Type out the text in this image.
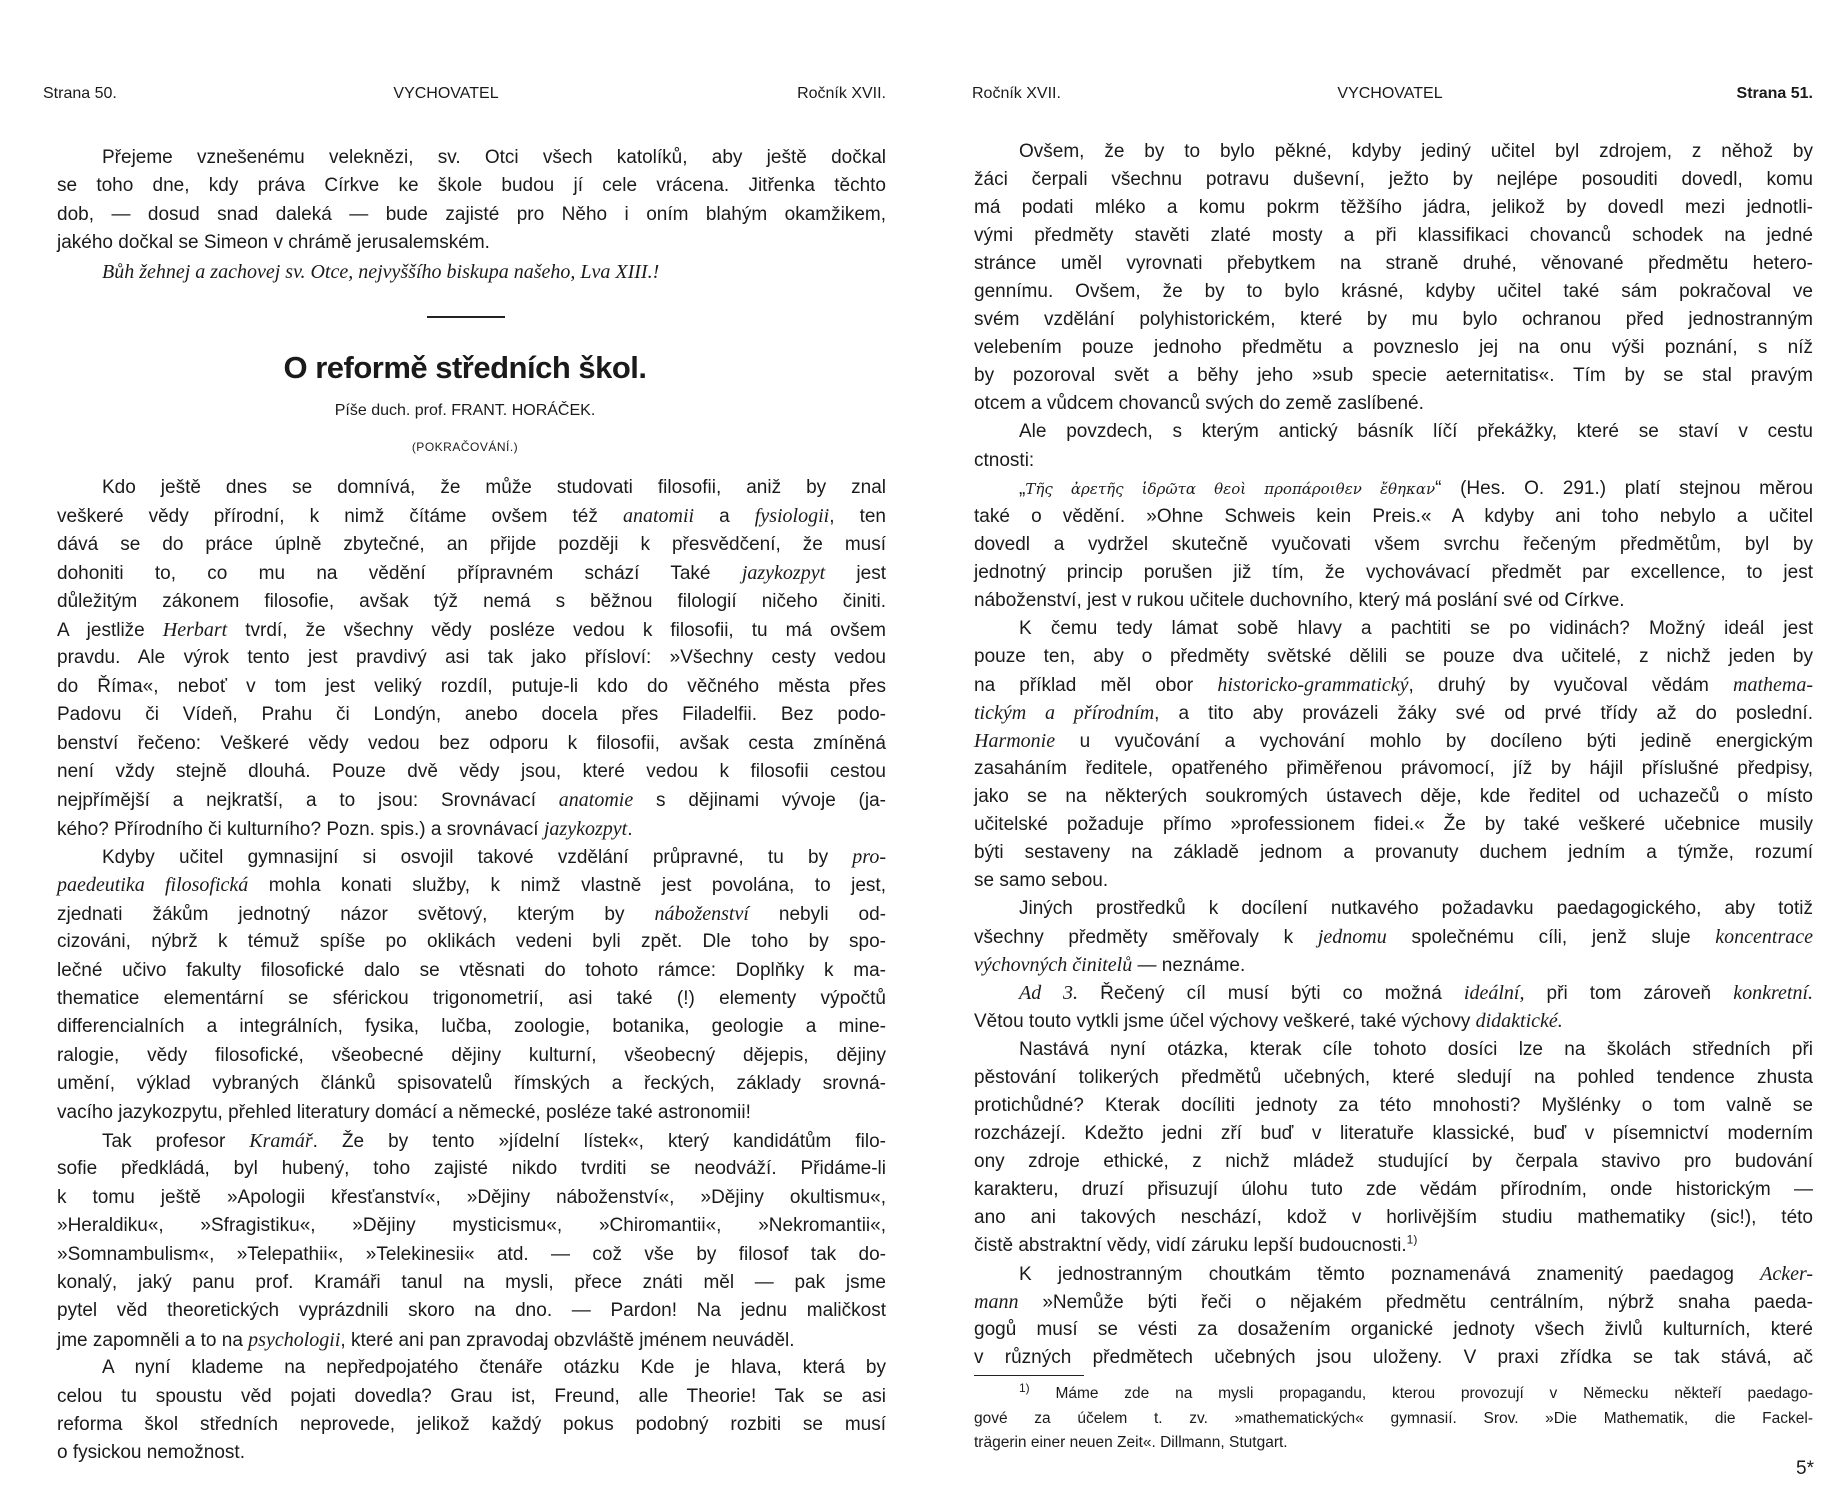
Strana 50.	VYCHOVATEL	Ročník XVII.
Přejeme vznešenému veleknězi, sv. Otci všech katolíků, aby ještě dočkal
se toho dne, kdy práva Církve ke škole budou jí cele vrácena. Jitřenka těchto
dob, — dosud snad daleká — bude zajisté pro Něho i oním blahým okamžikem,
jakého dočkal se Simeon v chrámě jerusalemském.
Bůh žehnej a zachovej sv. Otce, nejvyššího biskupa našeho, Lva XIII.!
O reformě středních škol.
Píše duch. prof. FRANT. HORÁČEK.
(POKRAČOVÁNÍ.)
Kdo ještě dnes se domnívá, že může studovati filosofii, aniž by znal
veškeré vědy přírodní, k nimž čítáme ovšem též anatomii a fysiologii, ten
dává se do práce úplně zbytečné, an přijde později k přesvědčení, že musí
dohoniti to, co mu na vědění přípravném schází Také jazykozpyt jest
důležitým zákonem filosofie, avšak týž nemá s běžnou filologií ničeho činiti.
A jestliže Herbart tvrdí, že všechny vědy posléze vedou k filosofii, tu má ovšem
pravdu. Ale výrok tento jest pravdivý asi tak jako přísloví: »Všechny cesty vedou
do Říma«, neboť v tom jest veliký rozdíl, putuje-li kdo do věčného města přes
Padovu či Vídeň, Prahu či Londýn, anebo docela přes Filadelfii. Bez podo-
benství řečeno: Veškeré vědy vedou bez odporu k filosofii, avšak cesta zmíněná
není vždy stejně dlouhá. Pouze dvě vědy jsou, které vedou k filosofii cestou
nejpřímější a nejkratší, a to jsou: Srovnávací anatomie s dějinami vývoje (ja-
kého? Přírodního či kulturního? Pozn. spis.) a srovnávací jazykozpyt.
Kdyby učitel gymnasijní si osvojil takové vzdělání průpravné, tu by pro-
paedeutika filosofická mohla konati služby, k nimž vlastně jest povolána, to jest,
zjednati žákům jednotný názor světový, kterým by náboženství nebyli od-
cizováni, nýbrž k témuž spíše po oklikách vedeni byli zpět. Dle toho by spo-
lečné učivo fakulty filosofické dalo se vtěsnati do tohoto rámce: Doplňky k ma-
thematice elementární se sférickou trigonometrií, asi také (!) elementy výpočtů
differencialních a integrálních, fysika, lučba, zoologie, botanika, geologie a mine-
ralogie, vědy filosofické, všeobecné dějiny kulturní, všeobecný dějepis, dějiny
umění, výklad vybraných článků spisovatelů římských a řeckých, základy srovná-
vacího jazykozpytu, přehled literatury domácí a německé, posléze také astronomii!
Tak profesor Kramář. Že by tento »jídelní lístek«, který kandidátům filo-
sofie předkládá, byl hubený, toho zajisté nikdo tvrditi se neodváží. Přidáme-li
k tomu ještě »Apologii křesťanství«, »Dějiny náboženství«, »Dějiny okultismu«,
»Heraldiku«, »Sfragistiku«, »Dějiny mysticismu«, »Chiromantii«, »Nekromantii«,
»Somnambulism«, »Telepathii«, »Telekinesii« atd. — což vše by filosof tak do-
konalý, jaký panu prof. Kramáři tanul na mysli, přece znáti měl — pak jsme
pytel věd theoretických vyprázdnili skoro na dno. — Pardon! Na jednu maličkost
jme zapomněli a to na psychologii, které ani pan zpravodaj obzvláště jménem neuváděl.
A nyní klademe na nepředpojatého čtenáře otázku Kde je hlava, která by
celou tu spoustu věd pojati dovedla? Grau ist, Freund, alle Theorie! Tak se asi
reforma škol středních neprovede, jelikož každý pokus podobný rozbiti se musí
o fysickou nemožnost.
Ročník XVII.	VYCHOVATEL	Strana 51.
Ovšem, že by to bylo pěkné, kdyby jediný učitel byl zdrojem, z něhož by
žáci čerpali všechnu potravu duševní, ježto by nejlépe posouditi dovedl, komu
má podati mléko a komu pokrm těžšího jádra, jelikož by dovedl mezi jednotli-
vými předměty stavěti zlaté mosty a při klassifikaci chovanců schodek na jedné
stránce uměl vyrovnati přebytkem na straně druhé, věnované předmětu hetero-
gennímu. Ovšem, že by to bylo krásné, kdyby učitel také sám pokračoval ve
svém vzdělání polyhistorickém, které by mu bylo ochranou před jednostranným
velebením pouze jednoho předmětu a povzneslo jej na onu výši poznání, s níž
by pozoroval svět a běhy jeho »sub specie aeternitatis«. Tím by se stal pravým
otcem a vůdcem chovanců svých do země zaslíbené.
Ale povzdech, s kterým antický básník líčí překážky, které se staví v cestu
ctnosti:
„Τῆς ἀρετῆς ἱδρῶτα θεοὶ προπάροιθεν ἔθηκαν“ (Hes. O. 291.) platí stejnou měrou
také o vědění. »Ohne Schweis kein Preis.« A kdyby ani toho nebylo a učitel
dovedl a vydržel skutečně vyučovati všem svrchu řečeným předmětům, byl by
jednotný princip porušen již tím, že vychovávací předmět par excellence, to jest
náboženství, jest v rukou učitele duchovního, který má poslání své od Církve.
K čemu tedy lámat sobě hlavy a pachtiti se po vidinách? Možný ideál jest
pouze ten, aby o předměty světské dělili se pouze dva učitelé, z nichž jeden by
na příklad měl obor historicko-grammatický, druhý by vyučoval vědám mathema-
tickým a přírodním, a tito aby provázeli žáky své od prvé třídy až do poslední.
Harmonie u vyučování a vychování mohlo by docíleno býti jedině energickým
zasaháním ředitele, opatřeného přiměřenou právomocí, jíž by hájil příslušné předpisy,
jako se na některých soukromých ústavech děje, kde ředitel od uchazečů o místo
učitelské požaduje přímo »professionem fidei.« Že by také veškeré učebnice musily
býti sestaveny na základě jednom a provanuty duchem jedním a týmže, rozumí
se samo sebou.
Jiných prostředků k docílení nutkavého požadavku paedagogického, aby totiž
všechny předměty směřovaly k jednomu společnému cíli, jenž sluje koncentrace
výchovných činitelů — neznáme.
Ad 3. Řečený cíl musí býti co možná ideální, při tom zároveň konkretní.
Větou touto vytkli jsme účel výchovy veškeré, také výchovy didaktické.
Nastává nyní otázka, kterak cíle tohoto dosíci lze na školách středních při
pěstování tolikerých předmětů učebných, které sledují na pohled tendence zhusta
protichůdné? Kterak docíliti jednoty za této mnohosti? Myšlénky o tom valně se
rozcházejí. Kdežto jedni zří buď v literatuře klassické, buď v písemnictví moderním
ony zdroje ethické, z nichž mládež studující by čerpala stavivo pro budování
karakteru, druzí přisuzují úlohu tuto zde vědám přírodním, onde historickým —
ano ani takových neschází, kdož v horlivějším studiu mathematiky (sic!), této
čistě abstraktní vědy, vidí záruku lepší budoucnosti.$^{1)}$
K jednostranným choutkám těmto poznamenává znamenitý paedagog Acker-
mann »Nemůže býti řeči o nějakém předmětu centrálním, nýbrž snaha paeda-
gogů musí se vésti za dosažením organické jednoty všech živlů kulturních, které
v různých předmětech učebných jsou uloženy. V praxi zřídka se tak stává, ač
$^{1)}$ Máme zde na mysli propagandu, kterou provozují v Německu někteří paedago-
gové za účelem t. zv. »mathematických« gymnasií. Srov. »Die Mathematik, die Fackel-
trägerin einer neuen Zeit«. Dillmann, Stutgart.
5*
